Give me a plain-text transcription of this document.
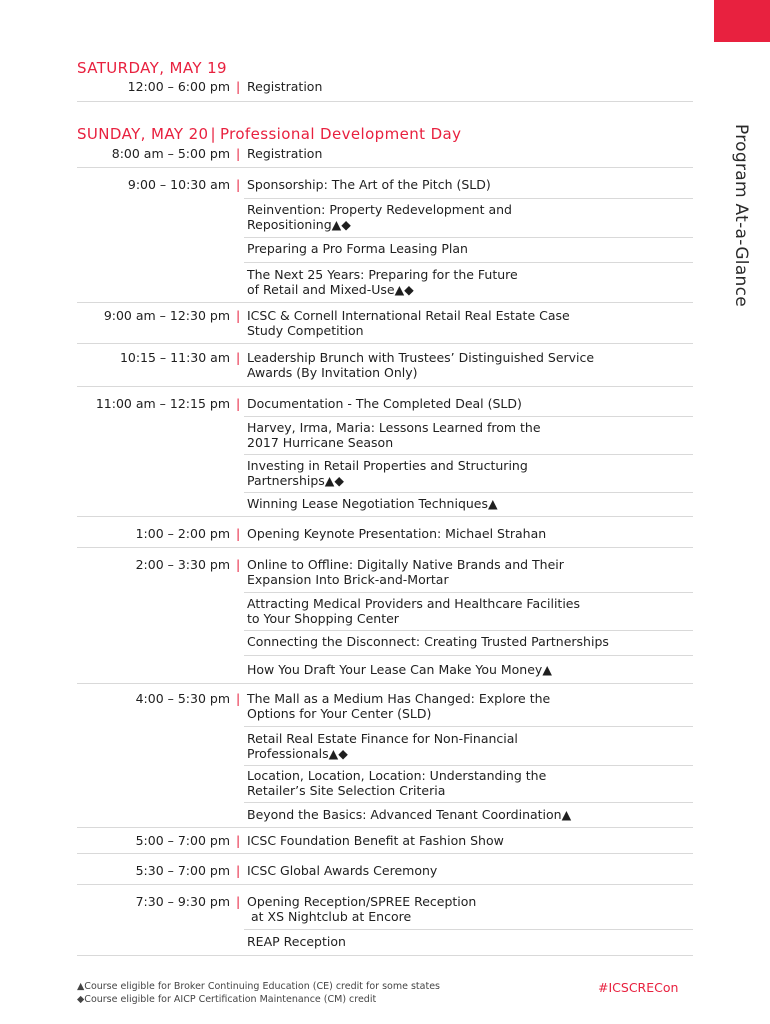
Program At-a-Glance
SATURDAY, MAY 19
12:00 – 6:00 pm | Registration
SUNDAY, MAY 20 | Professional Development Day
8:00 am – 5:00 pm | Registration
9:00 – 10:30 am | Sponsorship: The Art of the Pitch (SLD)
Reinvention: Property Redevelopment and
Repositioning▲◆
Preparing a Pro Forma Leasing Plan
The Next 25 Years: Preparing for the Future
of Retail and Mixed-Use▲◆
9:00 am – 12:30 pm | ICSC & Cornell International Retail Real Estate Case
Study Competition
10:15 – 11:30 am | Leadership Brunch with Trustees’ Distinguished Service
Awards (By Invitation Only)
11:00 am – 12:15 pm | Documentation - The Completed Deal (SLD)
Harvey, Irma, Maria: Lessons Learned from the
2017 Hurricane Season
Investing in Retail Properties and Structuring
Partnerships▲◆
Winning Lease Negotiation Techniques▲
1:00 – 2:00 pm | Opening Keynote Presentation: Michael Strahan
2:00 – 3:30 pm | Online to Offline: Digitally Native Brands and Their
Expansion Into Brick-and-Mortar
Attracting Medical Providers and Healthcare Facilities
to Your Shopping Center
Connecting the Disconnect: Creating Trusted Partnerships
How You Draft Your Lease Can Make You Money▲
4:00 – 5:30 pm | The Mall as a Medium Has Changed: Explore the
Options for Your Center (SLD)
Retail Real Estate Finance for Non-Financial
Professionals▲◆
Location, Location, Location: Understanding the
Retailer’s Site Selection Criteria
Beyond the Basics: Advanced Tenant Coordination▲
5:00 – 7:00 pm | ICSC Foundation Benefit at Fashion Show
5:30 – 7:00 pm | ICSC Global Awards Ceremony
7:30 – 9:30 pm | Opening Reception/SPREE Reception
at XS Nightclub at Encore
REAP Reception
▲Course eligible for Broker Continuing Education (CE) credit for some states
◆Course eligible for AICP Certification Maintenance (CM) credit
#ICSCRECon
